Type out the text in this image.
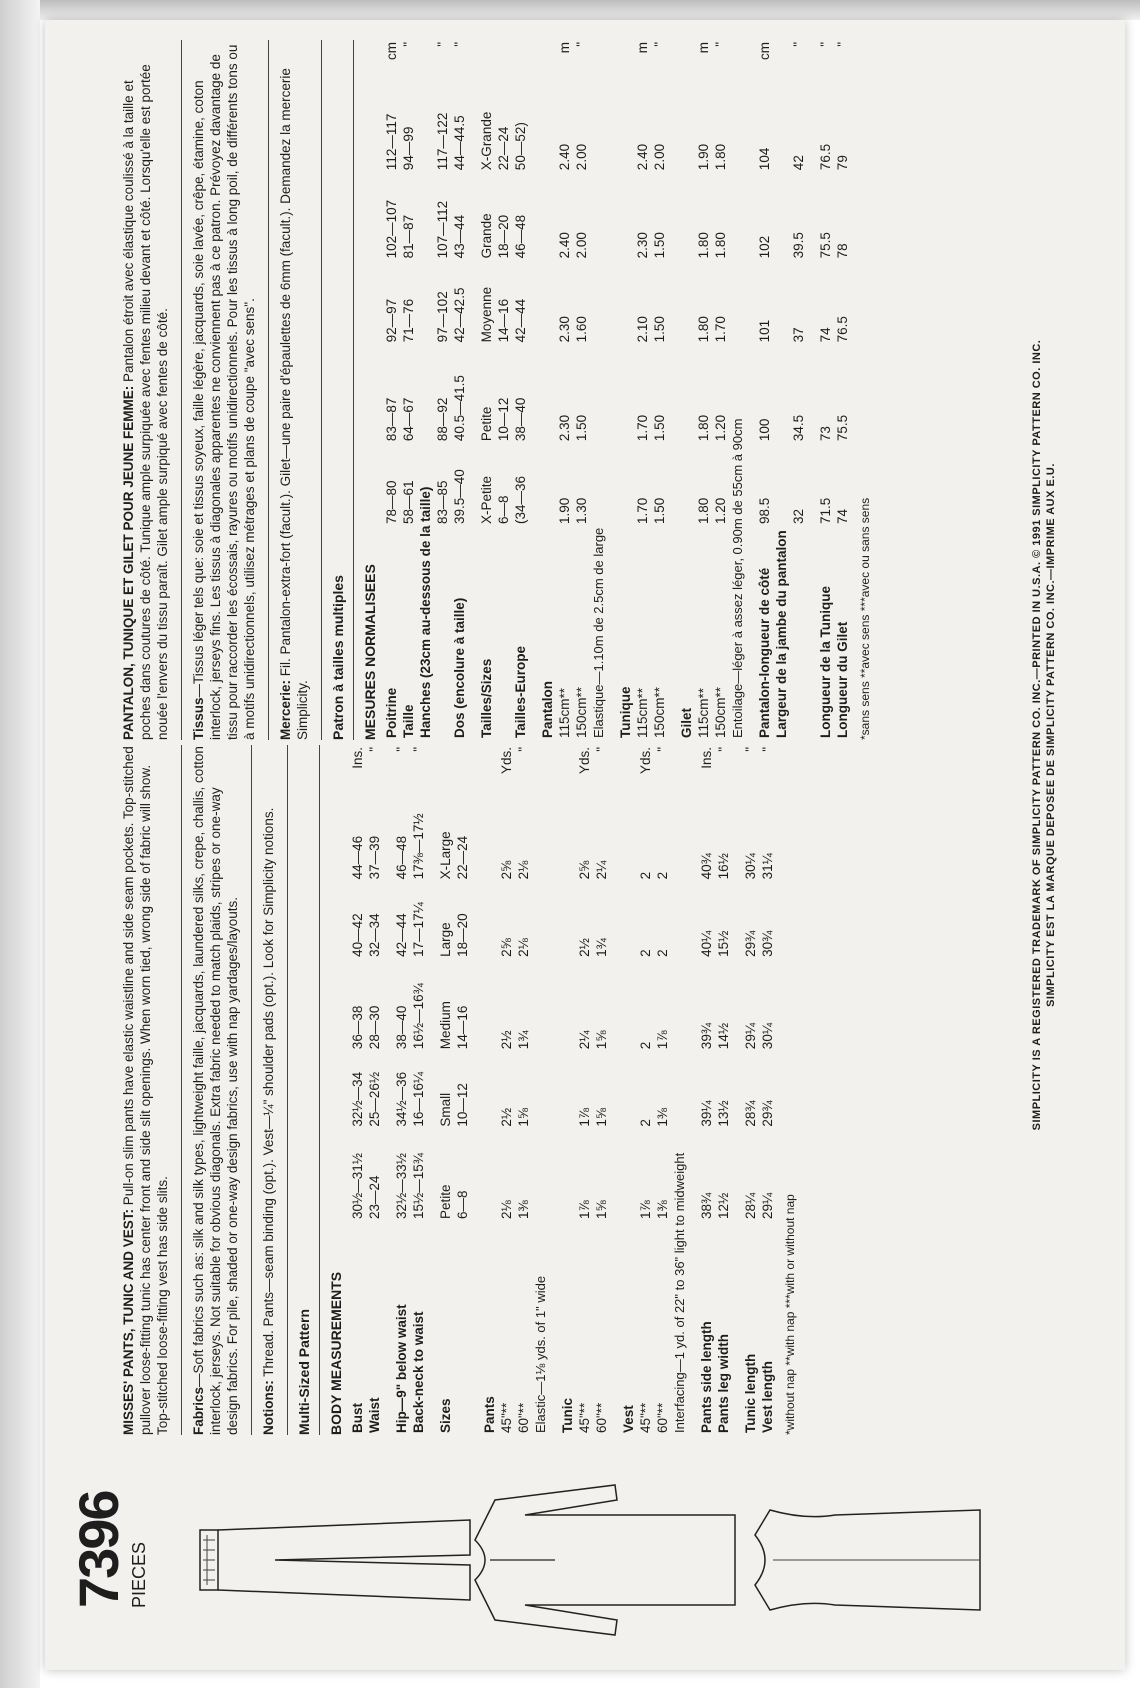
7396 PIECES

MISSES' PANTS, TUNIC AND VEST: Pull-on slim pants have elastic waistline and side seam pockets. Top-stitched pullover loose-fitting tunic has center front and side slit openings. When worn tied, wrong side of fabric will show. Top-stitched loose-fitting vest has side slits. Fabrics—Soft fabrics such as: silk and silk types, lightweight faille, jacquards, laundered silks, crepe, challis, cotton interlock, jerseys. Not suitable for obvious diagonals. Extra fabric needed to match plaids, stripes or one-way design fabrics. For pile, shaded or one-way design fabrics, use with nap yardages/layouts. Notions: Thread. Pants—seam binding (opt.). Vest—¼" shoulder pads (opt.). Look for Simplicity notions. Multi-Sized Pattern BODY MEASUREMENTS Bust	30½—31½	32½—34	36—38	40—42	44—46	Ins.
Waist	23—24	25—26½	28—30	32—34	37—39	"
Hip—9" below waist	32½—33½	34½—36	38—40	42—44	46—48	"
Back-neck to waist	15½—15¾	16—16¼	16½—16¾	17—17¼	17⅜—17½	"
Sizes	Petite	Small	Medium	Large	X-Large	
	6—8	10—12	14—16	18—20	22—24	
Pants						
45"**	2⅛	2½	2½	2⅝	2⅝	Yds.
60"**	1⅜	1⅝	1¾	2⅛	2⅛	"
Elastic—1⅛ yds. of 1" wide						
Tunic						
45"**	1⅞	1⅞	2¼	2½	2⅝	Yds.
60"**	1⅝	1⅝	1⅝	1¾	2¼	"
Vest						
45"**	1⅞	2	2	2	2	Yds.
60"**	1⅜	1⅜	1⅞	2	2	"
Interfacing—1 yd. of 22" to 36" light to midweight						
Pants side length	38¾	39¼	39¾	40¼	40¾	Ins.
Pants leg width	12½	13½	14½	15½	16½	"
Tunic length	28¼	28¾	29¼	29¾	30¼	"
Vest length	29¼	29¾	30¼	30¾	31¼	"
*without nap **with nap ***with or without nap

PANTALON, TUNIQUE ET GILET POUR JEUNE FEMME: Pantalon étroit avec élastique coulissé à la taille et poches dans coutures de côté. Tunique ample surpiquée avec fentes milieu devant et côté. Lorsqu'elle est portée nouée l'envers du tissu paraît. Gilet ample surpiqué avec fentes de côté. Tissus—Tissus léger tels que: soie et tissus soyeux, faille légère, jacquards, soie lavée, crêpe, étamine, coton interlock, jerseys fins. Les tissus à diagonales apparentes ne conviennent pas à ce patron. Prévoyez davantage de tissu pour raccorder les écossais, rayures ou motifs unidirectionnels. Pour les tissus à long poil, de différents tons ou à motifs unidirectionnels, utilisez métrages et plans de coupe "avec sens". Mercerie: Fil. Pantalon-extra-fort (facult.). Gilet—une paire d'épaulettes de 6mm (facult.). Demandez la mercerie Simplicity. Patron à tailles multiples MESURES NORMALISEES Poitrine	78—80	83—87	92—97	102—107	112—117	cm
Taille	58—61	64—67	71—76	81—87	94—99	"
Hanches (23cm au-dessous de la taille)						
	83—85	88—92	97—102	107—112	117—122	"
Dos (encolure à taille)	39.5—40	40.5—41.5	42—42.5	43—44	44—44.5	"
Tailles/Sizes	X-Petite	Petite	Moyenne	Grande	X-Grande	
	6—8	10—12	14—16	18—20	22—24	
Tailles-Europe	(34—36	38—40	42—44	46—48	50—52)	
Pantalon						
115cm**	1.90	2.30	2.30	2.40	2.40	m
150cm**	1.30	1.50	1.60	2.00	2.00	"
Elastique—1.10m de 2.5cm de large						
Tunique						
115cm**	1.70	1.70	2.10	2.30	2.40	m
150cm**	1.50	1.50	1.50	1.50	2.00	"
Gilet						
115cm**	1.80	1.80	1.80	1.80	1.90	m
150cm**	1.20	1.20	1.70	1.80	1.80	"
Entoilage—léger à assez léger, 0.90m de 55cm à 90cm						
Pantalon-longueur de côté	98.5	100	101	102	104	cm
Largeur de la jambe du pantalon						
	32	34.5	37	39.5	42	"
Longueur de la Tunique	71.5	73	74	75.5	76.5	"
Longueur du Gilet	74	75.5	76.5	78	79	"
*sans sens **avec sens ***avec ou sans sens	SIMPLICITY IS A REGISTERED TRADEMARK OF SIMPLICITY PATTERN CO. INC.—PRINTED IN U.S.A. © 1991 SIMPLICITY PATTERN CO. INC. SIMPLICITY EST LA MARQUE DEPOSEE DE SIMPLICITY PATTERN CO. INC.—IMPRIME AUX E.U.
